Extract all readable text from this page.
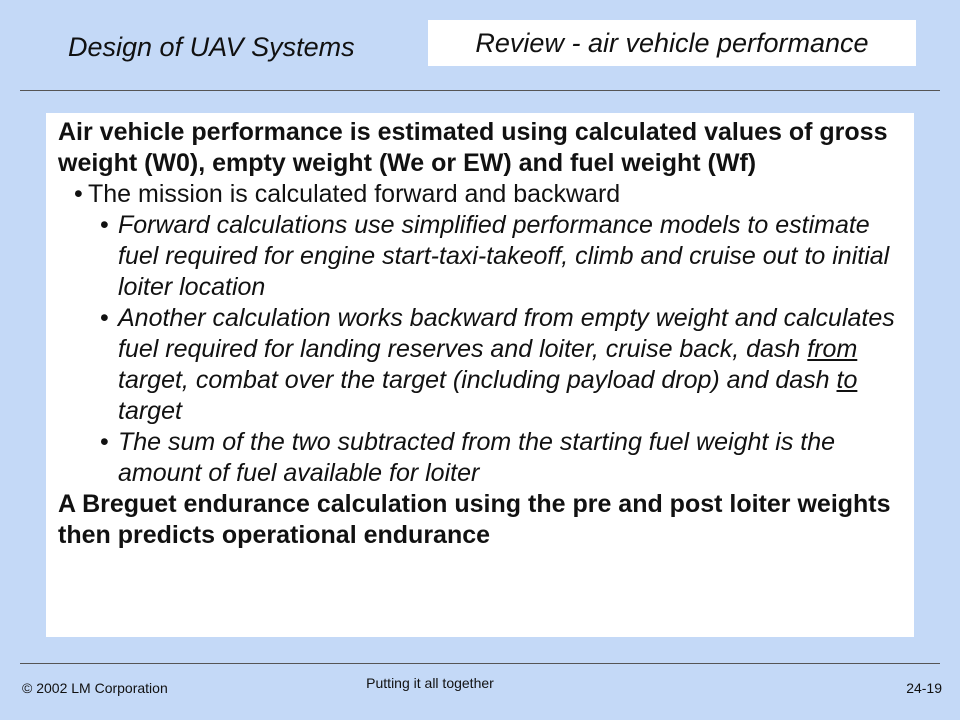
Design of UAV Systems	Review - air vehicle performance
Air vehicle performance is estimated using calculated values of gross weight (W0), empty weight (We or EW) and fuel weight (Wf)
• The mission is calculated forward and backward
• Forward calculations use simplified performance models to estimate fuel required for engine start-taxi-takeoff, climb and cruise out to initial loiter location
• Another calculation works backward from empty weight and calculates fuel required for landing reserves and loiter, cruise back, dash from target, combat over the target (including payload drop) and dash to target
• The sum of the two subtracted from the starting fuel weight is the amount of fuel available for loiter
A Breguet endurance calculation using the pre and post loiter weights then predicts operational endurance
© 2002 LM Corporation	Putting it all together	24-19
